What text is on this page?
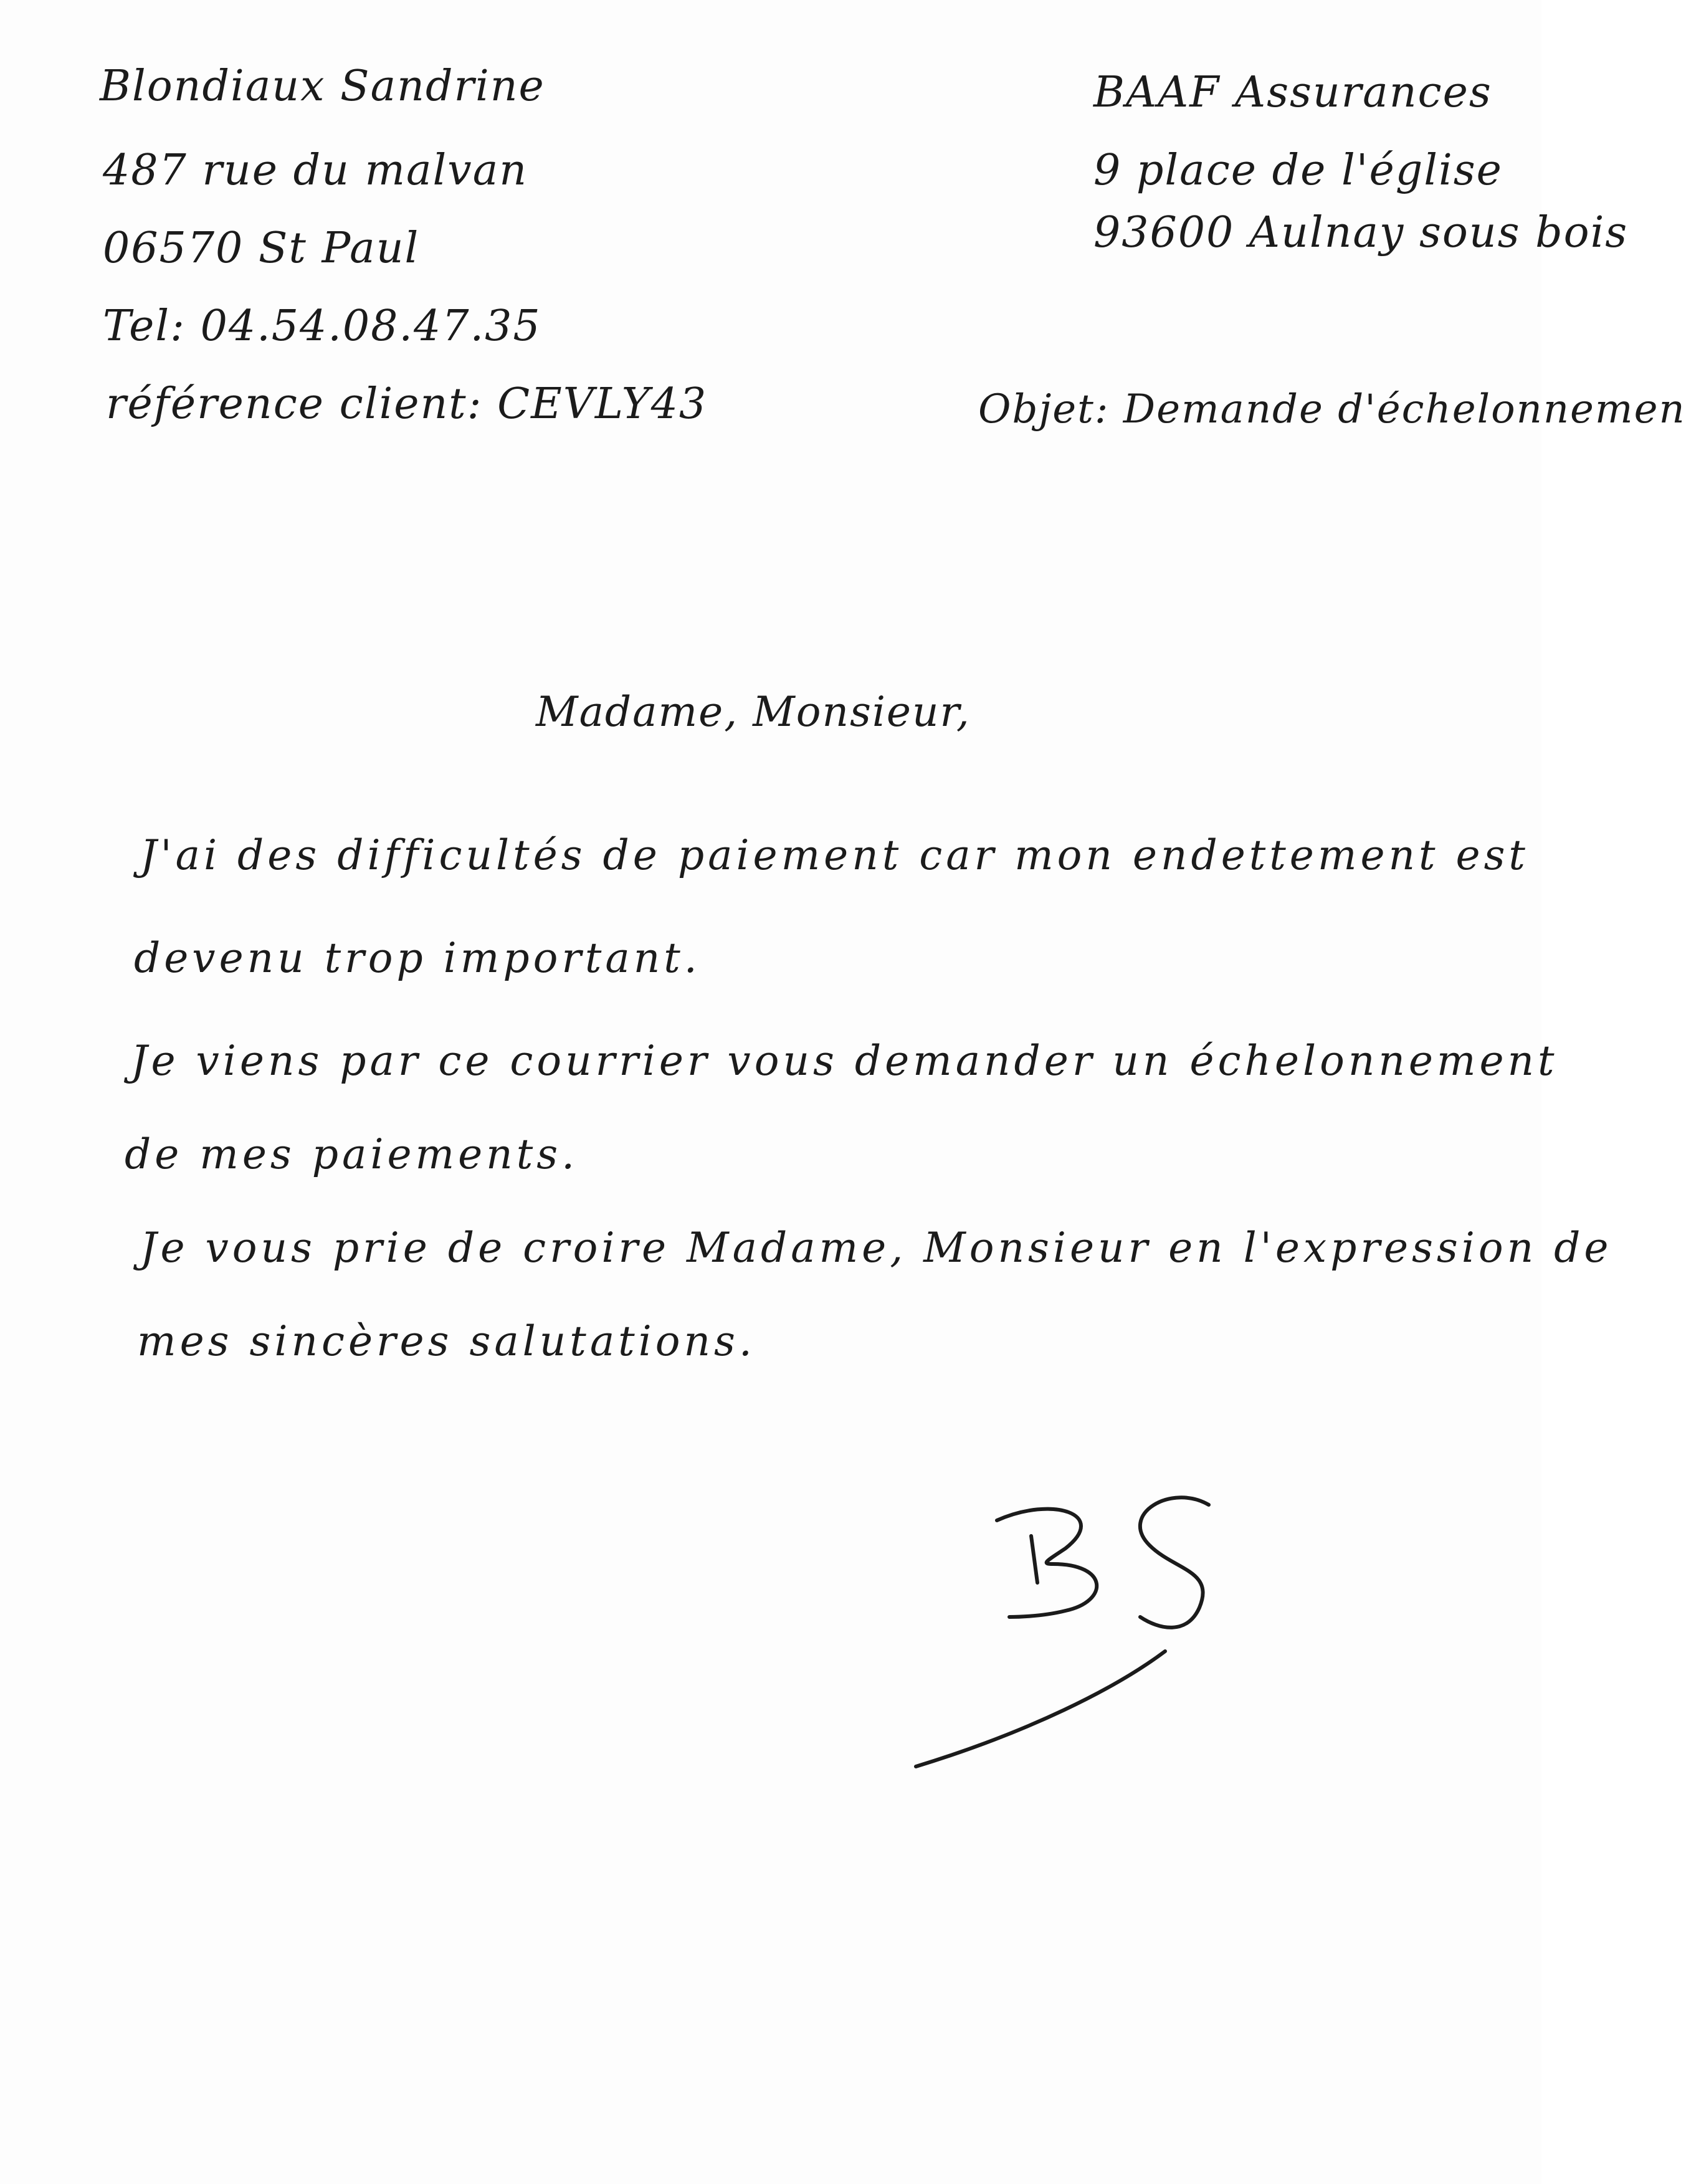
Blondiaux Sandrine
487 rue du malvan
06570 St Paul
Tel: 04.54.08.47.35
référence client: CEVLY43
BAAF Assurances
9 place de l'église
93600 Aulnay sous bois
Objet: Demande d'échelonnemen
Madame, Monsieur,
J'ai des difficultés de paiement car mon endettement est
devenu trop important.
Je viens par ce courrier vous demander un échelonnement
de mes paiements.
Je vous prie de croire Madame, Monsieur en l'expression de
mes sincères salutations.
